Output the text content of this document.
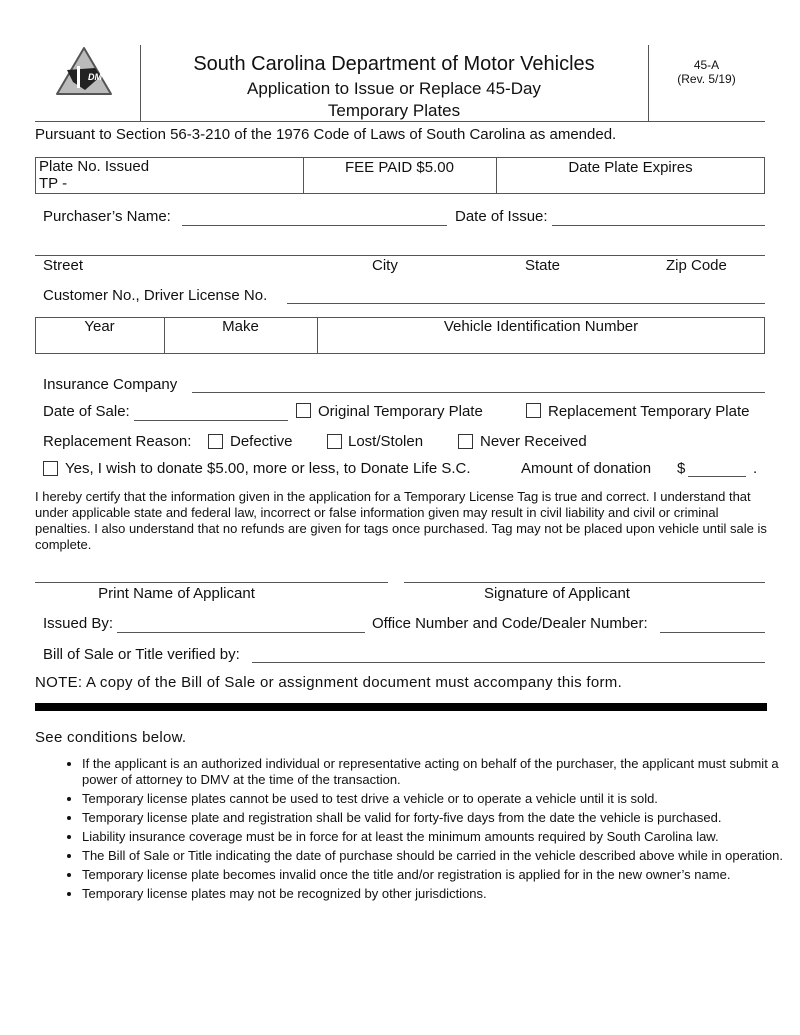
DMV
South Carolina Department of Motor Vehicles
Application to Issue or Replace 45-Day
Temporary Plates
45-A
(Rev. 5/19)
Pursuant to Section 56-3-210 of the 1976 Code of Laws of South Carolina as amended.
Plate No. Issued
TP -
FEE PAID $5.00	Date Plate Expires
Purchaser’s Name:	Date of Issue:
Street	City	State	Zip Code
Customer No., Driver License No.
Year	Make	Vehicle Identification Number
Insurance Company
Date of Sale:	Original Temporary Plate	Replacement Temporary Plate
Replacement Reason:	Defective	Lost/Stolen	Never Received
Yes, I wish to donate $5.00, more or less, to Donate Life S.C.	Amount of donation $	.
I hereby certify that the information given in the application for a Temporary License Tag is true and correct. I understand that under applicable state and federal law, incorrect or false information given may result in civil liability and civil or criminal penalties. I also understand that no refunds are given for tags once purchased. Tag may not be placed upon vehicle until sale is complete.
Print Name of Applicant	Signature of Applicant
Issued By:	Office Number and Code/Dealer Number:
Bill of Sale or Title verified by:
NOTE: A copy of the Bill of Sale or assignment document must accompany this form.
See conditions below.
• If the applicant is an authorized individual or representative acting on behalf of the purchaser, the applicant must submit a power of attorney to DMV at the time of the transaction.
• Temporary license plates cannot be used to test drive a vehicle or to operate a vehicle until it is sold.
• Temporary license plate and registration shall be valid for forty-five days from the date the vehicle is purchased.
• Liability insurance coverage must be in force for at least the minimum amounts required by South Carolina law.
• The Bill of Sale or Title indicating the date of purchase should be carried in the vehicle described above while in operation.
• Temporary license plate becomes invalid once the title and/or registration is applied for in the new owner’s name.
• Temporary license plates may not be recognized by other jurisdictions.
